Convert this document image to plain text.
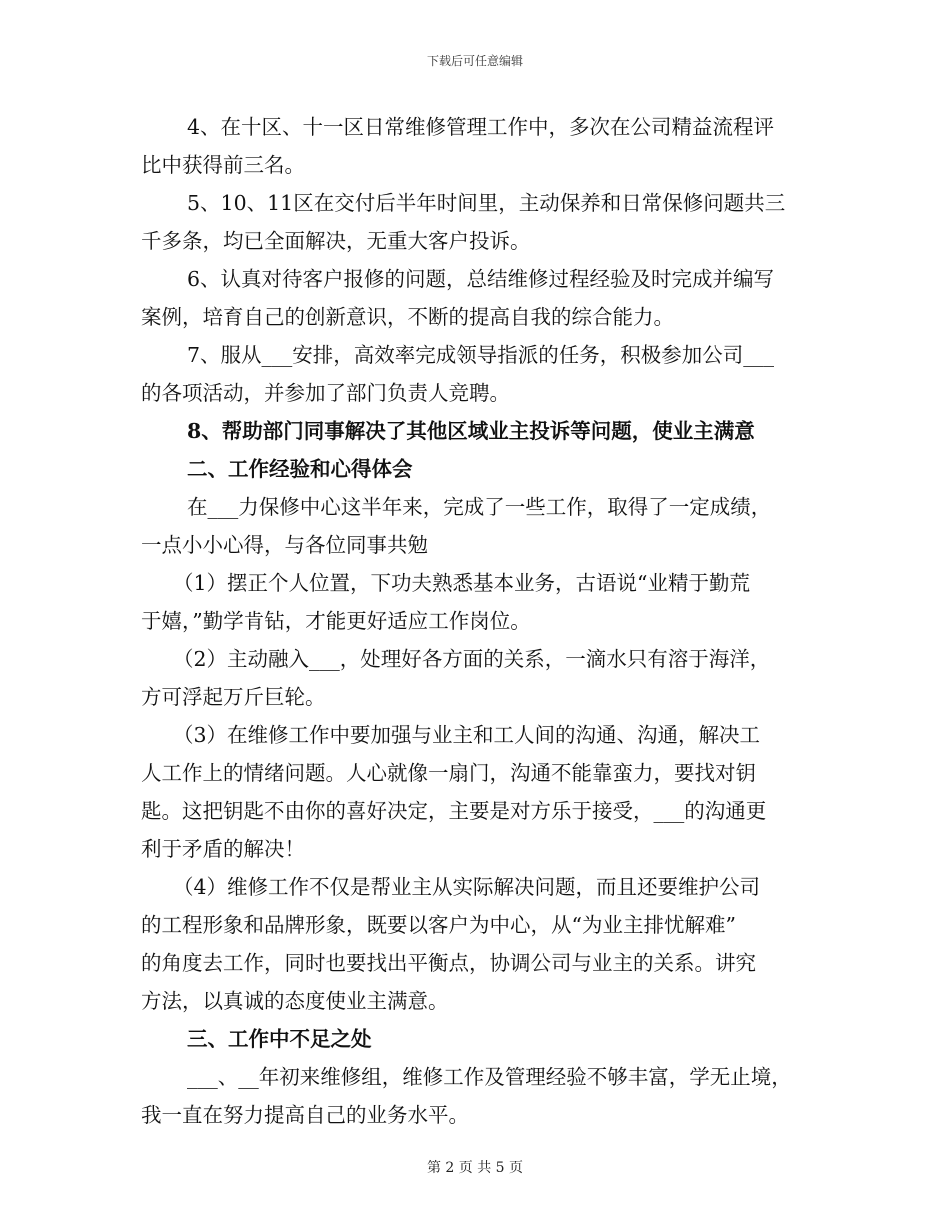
下载后可任意编辑
4、在十区、十一区日常维修管理工作中，多次在公司精益流程评
比中获得前三名。
5、10、11区在交付后半年时间里，主动保养和日常保修问题共三
千多条，均已全面解决，无重大客户投诉。
6、认真对待客户报修的问题，总结维修过程经验及时完成并编写
案例，培育自己的创新意识，不断的提高自我的综合能力。
7、服从___安排，高效率完成领导指派的任务，积极参加公司___
的各项活动，并参加了部门负责人竞聘。
8、帮助部门同事解决了其他区域业主投诉等问题，使业主满意
二、工作经验和心得体会
在___力保修中心这半年来，完成了一些工作，取得了一定成绩，
一点小小心得，与各位同事共勉
（1）摆正个人位置，下功夫熟悉基本业务，古语说“业精于勤荒
于嬉，”勤学肯钻，才能更好适应工作岗位。
（2）主动融入___，处理好各方面的关系，一滴水只有溶于海洋，
方可浮起万斤巨轮。
（3）在维修工作中要加强与业主和工人间的沟通、沟通，解决工
人工作上的情绪问题。人心就像一扇门，沟通不能靠蛮力，要找对钥
匙。这把钥匙不由你的喜好决定，主要是对方乐于接受，___的沟通更
利于矛盾的解决！
（4）维修工作不仅是帮业主从实际解决问题，而且还要维护公司
的工程形象和品牌形象，既要以客户为中心，从“为业主排忧解难”
的角度去工作，同时也要找出平衡点，协调公司与业主的关系。讲究
方法，以真诚的态度使业主满意。
三、工作中不足之处
___、__年初来维修组，维修工作及管理经验不够丰富，学无止境，
我一直在努力提高自己的业务水平。
第 2 页 共 5 页
